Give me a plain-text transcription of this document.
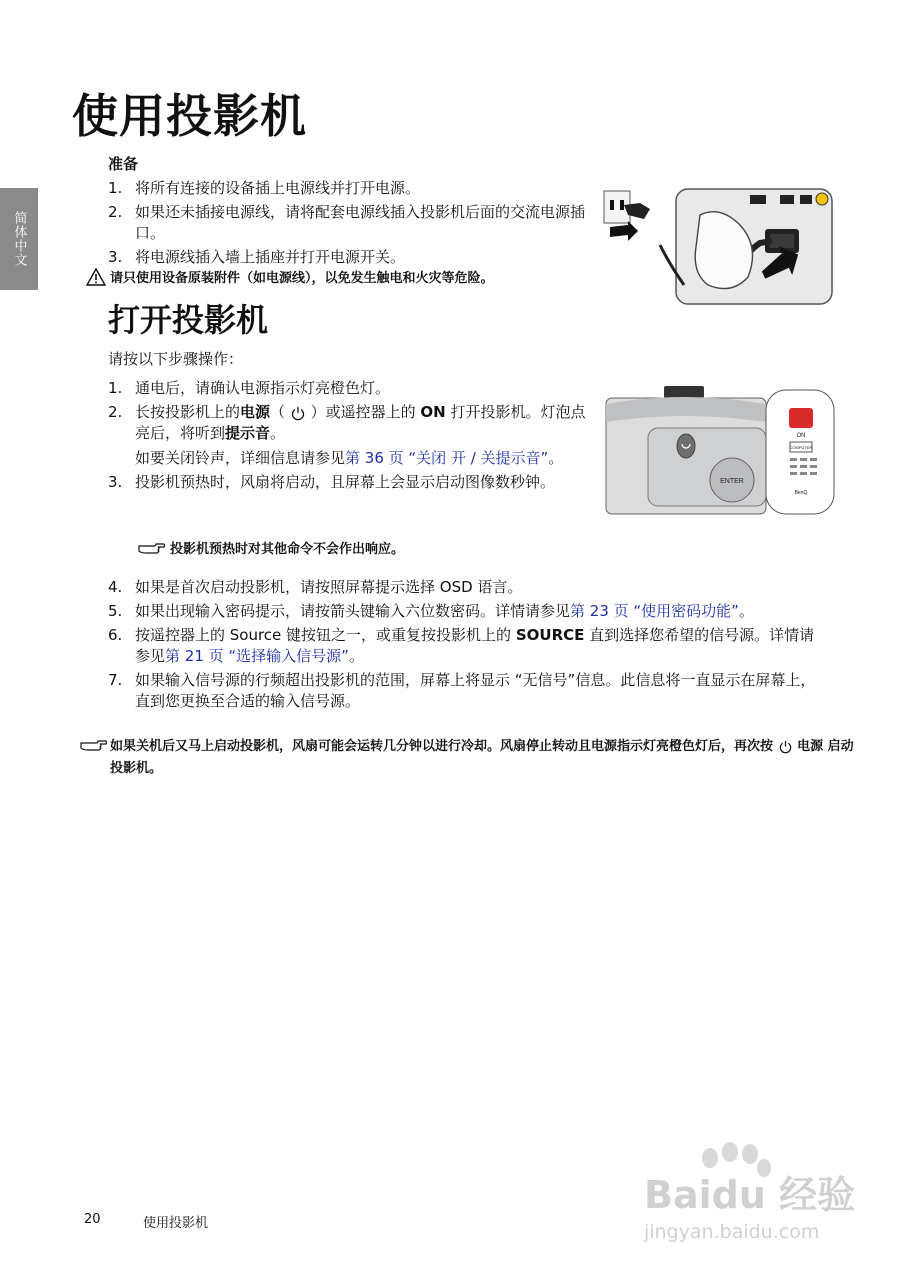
简体中文
使用投影机
准备
1. 将所有连接的设备插上电源线并打开电源。
2. 如果还未插接电源线，请将配套电源线插入投影机后面的交流电源插口。
3. 将电源线插入墙上插座并打开电源开关。
请只使用设备原装附件（如电源线），以免发生触电和火灾等危险。
打开投影机
请按以下步骤操作：
1. 通电后，请确认电源指示灯亮橙色灯。
2. 长按投影机上的电源（ ）或遥控器上的 ON 打开投影机。灯泡点亮后，将听到提示音。
如要关闭铃声，详细信息请参见第 36 页 “关闭 开 / 关提示音”。
3. 投影机预热时，风扇将启动，且屏幕上会显示启动图像数秒钟。
投影机预热时对其他命令不会作出响应。
ENTER
ON
COMPUTER
BenQ
4. 如果是首次启动投影机，请按照屏幕提示选择 OSD 语言。
5. 如果出现输入密码提示，请按箭头键输入六位数密码。详情请参见第 23 页 “使用密码功能”。
6. 按遥控器上的 Source 键按钮之一，或重复按投影机上的 SOURCE 直到选择您希望的信号源。详情请参见第 21 页 “选择输入信号源”。
7. 如果输入信号源的行频超出投影机的范围，屏幕上将显示 “无信号”信息。此信息将一直显示在屏幕上，直到您更换至合适的输入信号源。
如果关机后又马上启动投影机，风扇可能会运转几分钟以进行冷却。风扇停止转动且电源指示灯亮橙色灯后，再次按 电源 启动投影机。
Baidu 经验
jingyan.baidu.com
20	使用投影机
